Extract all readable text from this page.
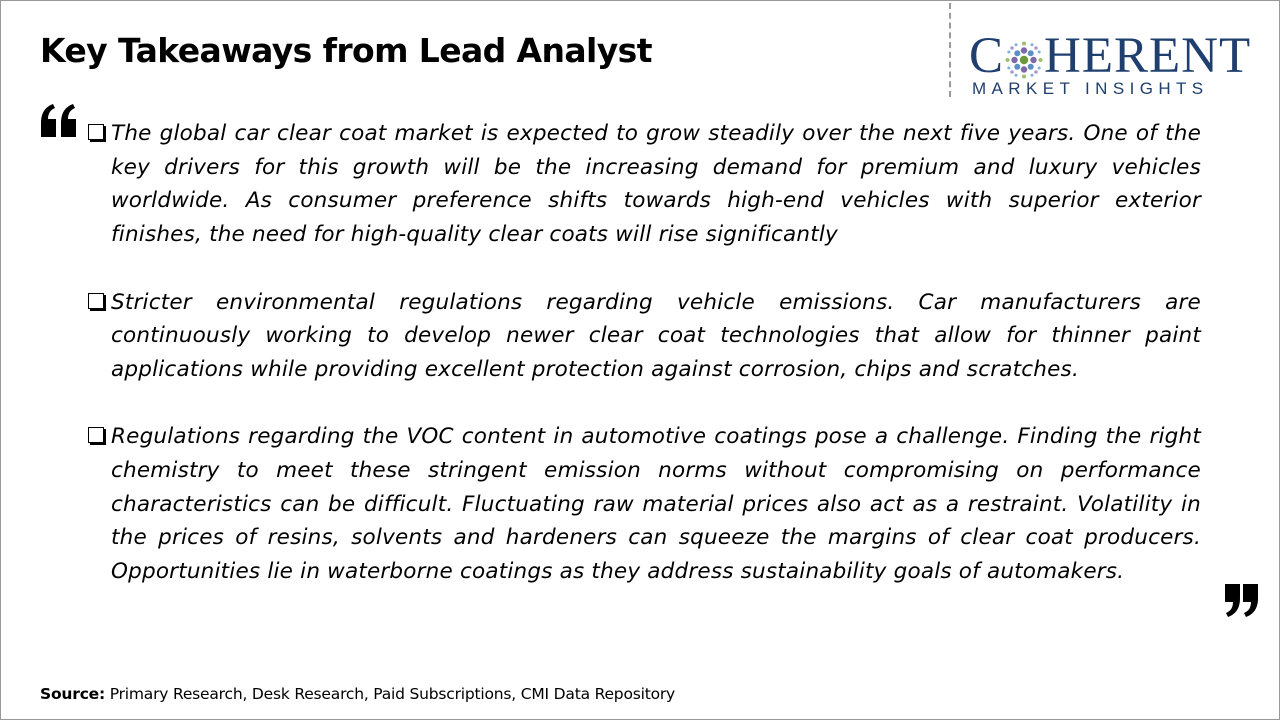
Key Takeaways from Lead Analyst	C HERENT
MARKET INSIGHTS
The global car clear coat market is expected to grow steadily over the next five years. One of the key drivers for this growth will be the increasing demand for premium and luxury vehicles worldwide. As consumer preference shifts towards high-end vehicles with superior exterior finishes, the need for high-quality clear coats will rise significantly
Stricter environmental regulations regarding vehicle emissions. Car manufacturers are continuously working to develop newer clear coat technologies that allow for thinner paint applications while providing excellent protection against corrosion, chips and scratches.
Regulations regarding the VOC content in automotive coatings pose a challenge. Finding the right chemistry to meet these stringent emission norms without compromising on performance characteristics can be difficult. Fluctuating raw material prices also act as a restraint. Volatility in the prices of resins, solvents and hardeners can squeeze the margins of clear coat producers. Opportunities lie in waterborne coatings as they address sustainability goals of automakers.
Source: Primary Research, Desk Research, Paid Subscriptions, CMI Data Repository
